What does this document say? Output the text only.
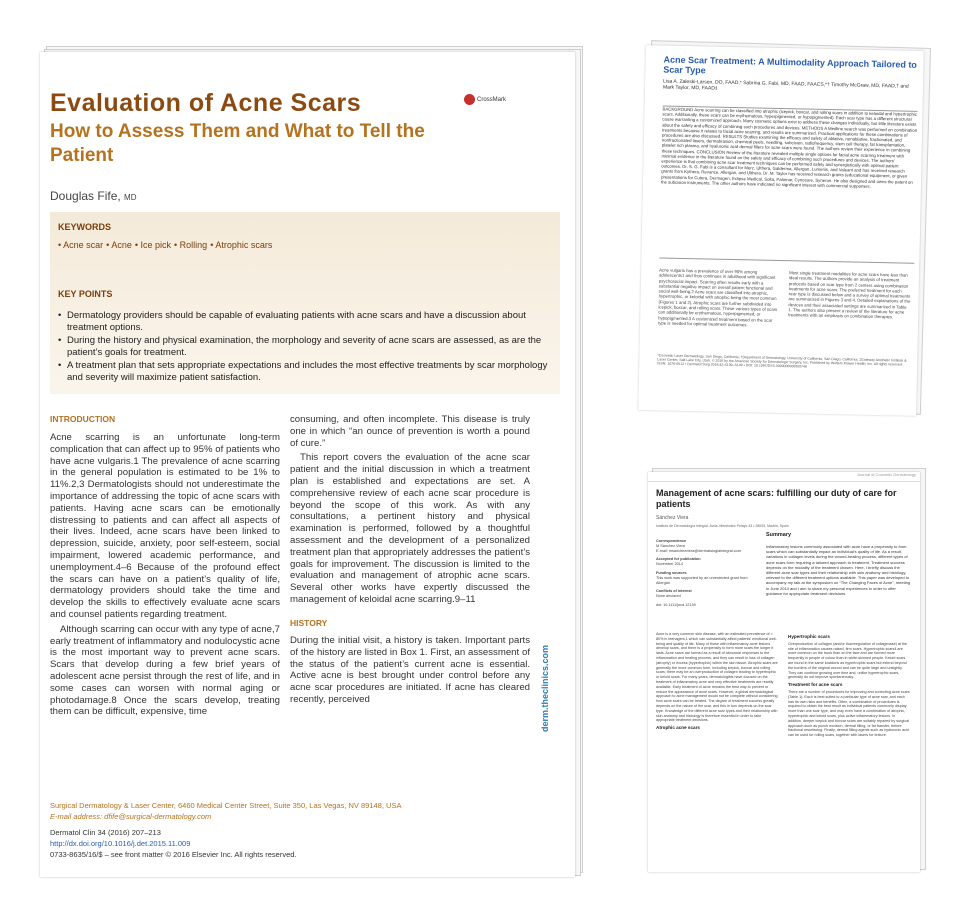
Evaluation of Acne Scars
How to Assess Them and What to Tell the Patient
CrossMark
Douglas Fife, MD
KEYWORDS
• Acne scar • Acne • Ice pick • Rolling • Atrophic scars
KEY POINTS
• Dermatology providers should be capable of evaluating patients with acne scars and have a discussion about treatment options.
• During the history and physical examination, the morphology and severity of acne scars are assessed, as are the patient’s goals for treatment.
• A treatment plan that sets appropriate expectations and includes the most effective treatments by scar morphology and severity will maximize patient satisfaction.
INTRODUCTION

Acne scarring is an unfortunate long-term complication that can affect up to 95% of patients who have acne vulgaris.1 The prevalence of acne scarring in the general population is estimated to be 1% to 11%.2,3 Dermatologists should not underestimate the importance of addressing the topic of acne scars with patients. Having acne scars can be emotionally distressing to patients and can affect all aspects of their lives. Indeed, acne scars have been linked to depression, suicide, anxiety, poor self-esteem, social impairment, lowered academic performance, and unemployment.4–6 Because of the profound effect the scars can have on a patient’s quality of life, dermatology providers should take the time and develop the skills to effectively evaluate acne scars and counsel patients regarding treatment.

Although scarring can occur with any type of acne,7 early treatment of inflammatory and nodulocystic acne is the most important way to prevent acne scars. Scars that develop during a few brief years of adolescent acne persist through the rest of life, and in some cases can worsen with normal aging or photodamage.8 Once the scars develop, treating them can be difficult, expensive, time

consuming, and often incomplete. This disease is truly one in which “an ounce of prevention is worth a pound of cure.”

This report covers the evaluation of the acne scar patient and the initial discussion in which a treatment plan is established and expectations are set. A comprehensive review of each acne scar procedure is beyond the scope of this work. As with any consultations, a pertinent history and physical examination is performed, followed by a thoughtful assessment and the development of a personalized treatment plan that appropriately addresses the patient’s goals for improvement. The discussion is limited to the evaluation and management of atrophic acne scars. Several other works have expertly discussed the management of keloidal acne scarring.9–11

HISTORY

During the initial visit, a history is taken. Important parts of the history are listed in Box 1. First, an assessment of the status of the patient’s current acne is essential. Active acne is best brought under control before any acne scar procedures are initiated. If acne has cleared recently, perceived

Surgical Dermatology & Laser Center, 6460 Medical Center Street, Suite 350, Las Vegas, NV 89148, USA
E-mail address: dfife@surgical-dermatology.com
Dermatol Clin 34 (2016) 207–213
http://dx.doi.org/10.1016/j.det.2015.11.009
0733-8635/16/$ – see front matter © 2016 Elsevier Inc. All rights reserved.
derm.theclinics.com
Acne Scar Treatment: A Multimodality Approach Tailored to Scar Type
Lisa A. Zaleski-Larsen, DO, FAAD,* Sabrina G. Fabi, MD, FAAD, FAACS,*† Timothy McGraw, MD, FAAD,† and Mark Taylor, MD, FAAD‡
BACKGROUND Acne scarring can be classified into atrophic (icepick, boxcar, and rolling scars in addition to keloidal and hypertrophic scars. Additionally, these scars can be erythematous, hyperpigmented, or hypopigmented). Each scar type has a different structural cause warranting a customized approach. Many cosmetic options exist to address these changes individually, but little literature exists about the safety and efficacy of combining such procedures and devices. METHODS A Medline search was performed on combination treatments because it relates to facial acne scarring, and results are summarized. Practical applications for these combinations of procedures are also discussed. RESULTS Studies examining the efficacy and safety of ablative, nonablative, fractionated, and nonfractionated lasers, dermabrasion, chemical peels, needling, subcision, radiofrequency, stem cell therapy, fat transplantation, platelet rich plasma, and hyaluronic acid dermal fillers for acne scars were found. The authors review their experience in combining these techniques. CONCLUSION Review of the literature revealed multiple single options for facial acne scarring treatment with minimal evidence in the literature found on the safety and efficacy of combining such procedures and devices. The authors’ experience is that combining acne scar treatment techniques can be performed safely and synergistically with optimal patient outcomes. Dr. S. G. Fabi is a consultant for Merz, Ulthera, Galderma, Allergan, Lumenis, and Valeant and has received research grants from Kythera, Revance, Allergan, and Ulthera. Dr. M. Taylor has received research grants (educational equipment, or given presentations for Cutera, Dermagen, Eclipse Medical, Solta, Palomar, Cynosure, Syneron. He also designed and owns the patent on the subcision instruments. The other authors have indicated no significant interest with commercial supporters.
Acne vulgaris has a prevalence of over 90% among adolescents1 and thus continues in adulthood with significant psychosocial impact. Scarring often results early with a substantial negative impact on overall patient functional and social well-being.2 Acne scars are classified into atrophic, hypertrophic, or keloidal with atrophic being the most common (Figures 1 and 2). Atrophic scars are further subdivided into icepick, boxcar, and rolling scars. These various types of scars can additionally be erythematous, hyperpigmented, or hypopigmented.3 A customized treatment based on the scar type is needed for optimal treatment outcomes.
Most single treatment modalities for acne scars have less than ideal results. The authors provide an analysis of treatment protocols based on scar type from 2 centers using combination treatments for acne scars. The preferred treatment for each scar type is discussed below and a survey of optimal treatments are summarized in Figures 3 and 4. Detailed explanations of the devices and their associated settings are summarized in Table 1. The authors also present a review of the literature for acne treatments with an emphasis on combination therapies.
*Cosmetic Laser Dermatology, San Diego, California; †Department of Dermatology, University of California, San Diego, California; ‡Gateway Aesthetic Institute & Laser Center, Salt Lake City, Utah. © 2016 by the American Society for Dermatologic Surgery, Inc. Published by Wolters Kluwer Health, Inc. All rights reserved. ISSN: 1076-0512 • Dermatol Surg 2016;42:S139–S149 • DOI: 10.1097/DSS.0000000000000746
Journal of Cosmetic Dermatology
Management of acne scars: fulfilling our duty of care for patients
Sánchez Viera
Instituto de Dermatología Integral, Avda. Menéndez Pelayo 43 • 28009, Madrid, Spain
Correspondence
M Sánchez Viera
E-mail: msanchezviera@dermatologiaintegral.com
Accepted for publication
November 2014
Funding sources
This work was supported by an unrestricted grant from Allergan
Conflicts of interest
None declared
doi: 10.1111/jocd.12139
Summary
Inflammatory lesions commonly associated with acne have a propensity to form scars which can substantially impact an individual’s quality of life. As a result, variations in collagen levels during the wound-healing process, different types of acne scars form requiring a tailored approach to treatment. Treatment success depends on the modality of the treatment chosen. Here, I briefly discuss the different acne scar types and their relationship with skin anatomy and histology, relevant to the different treatment options available. This paper was developed to accompany my talk at the symposium on “The Changing Faces of Acne”, meeting in June 2014 and I aim to share my personal experiences in order to offer guidance for appropriate treatment decisions.
Acne is a very common skin disease, with an estimated prevalence of > 80% in teenagers,1 which can substantially affect patients’ emotional well-being and quality of life. Many of those with inflammatory acne lesions develop scars, and there is a propensity to form more scars the longer it lasts. Acne scars are formed as a result of abnormal responses to the inflammation and healing process, and they can result in loss of collagen (atrophy) or excess (hypertrophic) within the skin tissue. Atrophic scars are generally the more common form, including icepick, boxcar and rolling scars; there may be an overproduction of collagen leading to hypertrophic or keloid scars. For many years, dermatologists have focused on the treatment of inflammatory acne and very effective treatments are readily available. Early treatment of acne remains the best way to prevent or reduce the appearance of acne scars. However, a global dermatological approach to acne management would not be complete without considering how acne scars can be treated. The degree of treatment success greatly depends on the nature of the scar, and this in turn depends on the scar type. Knowledge of the different acne scar types and their relationship with skin anatomy and histology is therefore essential in order to take appropriate treatment decisions.
Atrophic acne scars
Hypertrophic scars
Overproduction of collagen (and/or downregulation of collagenase) at the site of inflammation causes raised, firm scars. Hypertrophic scars4 are more common on the trunk than on the face and are formed more frequently in people of colour than in white-skinned people. Keloid scars are found in the same locations as hypertrophic scars but extend beyond the borders of the original wound and can be quite large and unsightly. They can continue growing over time and, unlike hypertrophic scars, generally do not improve spontaneously.
Treatment for acne scars
There are a number of procedures for improving and correcting acne scars (Table 1). Each is best suited to a particular type of acne scar, and each has its own risks and benefits. Often, a combination of procedures is required to obtain the best result as individual patients commonly display more than one scar type, and may even have a combination of atrophic, hypertrophic and keloid scars, plus active inflammatory lesions. In addition, deeper icepick and boxcar scars are suitably repaired by surgical approach such as punch excision, dermal filling, or fat transfer, before fractional resurfacing. Finally, dermal filling agents such as hyaluronic acid can be used for rolling scars, together with lasers for texture.
